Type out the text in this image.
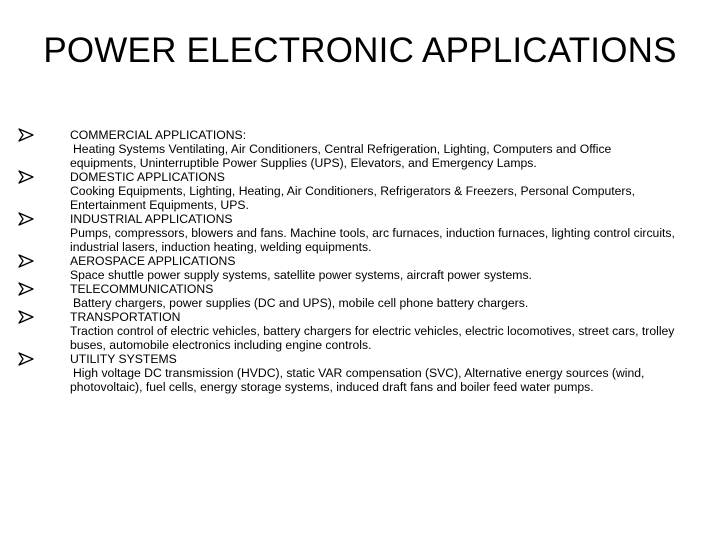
POWER ELECTRONIC APPLICATIONS
COMMERCIAL APPLICATIONS:
Heating Systems Ventilating, Air Conditioners, Central Refrigeration, Lighting, Computers and Office equipments, Uninterruptible Power Supplies (UPS), Elevators, and Emergency Lamps.
DOMESTIC APPLICATIONS
Cooking Equipments, Lighting, Heating, Air Conditioners, Refrigerators & Freezers, Personal Computers, Entertainment Equipments, UPS.
INDUSTRIAL APPLICATIONS
Pumps, compressors, blowers and fans. Machine tools, arc furnaces, induction furnaces, lighting control circuits, industrial lasers, induction heating, welding equipments.
AEROSPACE APPLICATIONS
Space shuttle power supply systems, satellite power systems, aircraft power systems.
TELECOMMUNICATIONS
Battery chargers, power supplies (DC and UPS), mobile cell phone battery chargers.
TRANSPORTATION
Traction control of electric vehicles, battery chargers for electric vehicles, electric locomotives, street cars, trolley buses, automobile electronics including engine controls.
UTILITY SYSTEMS
High voltage DC transmission (HVDC), static VAR compensation (SVC), Alternative energy sources (wind, photovoltaic), fuel cells, energy storage systems, induced draft fans and boiler feed water pumps.
